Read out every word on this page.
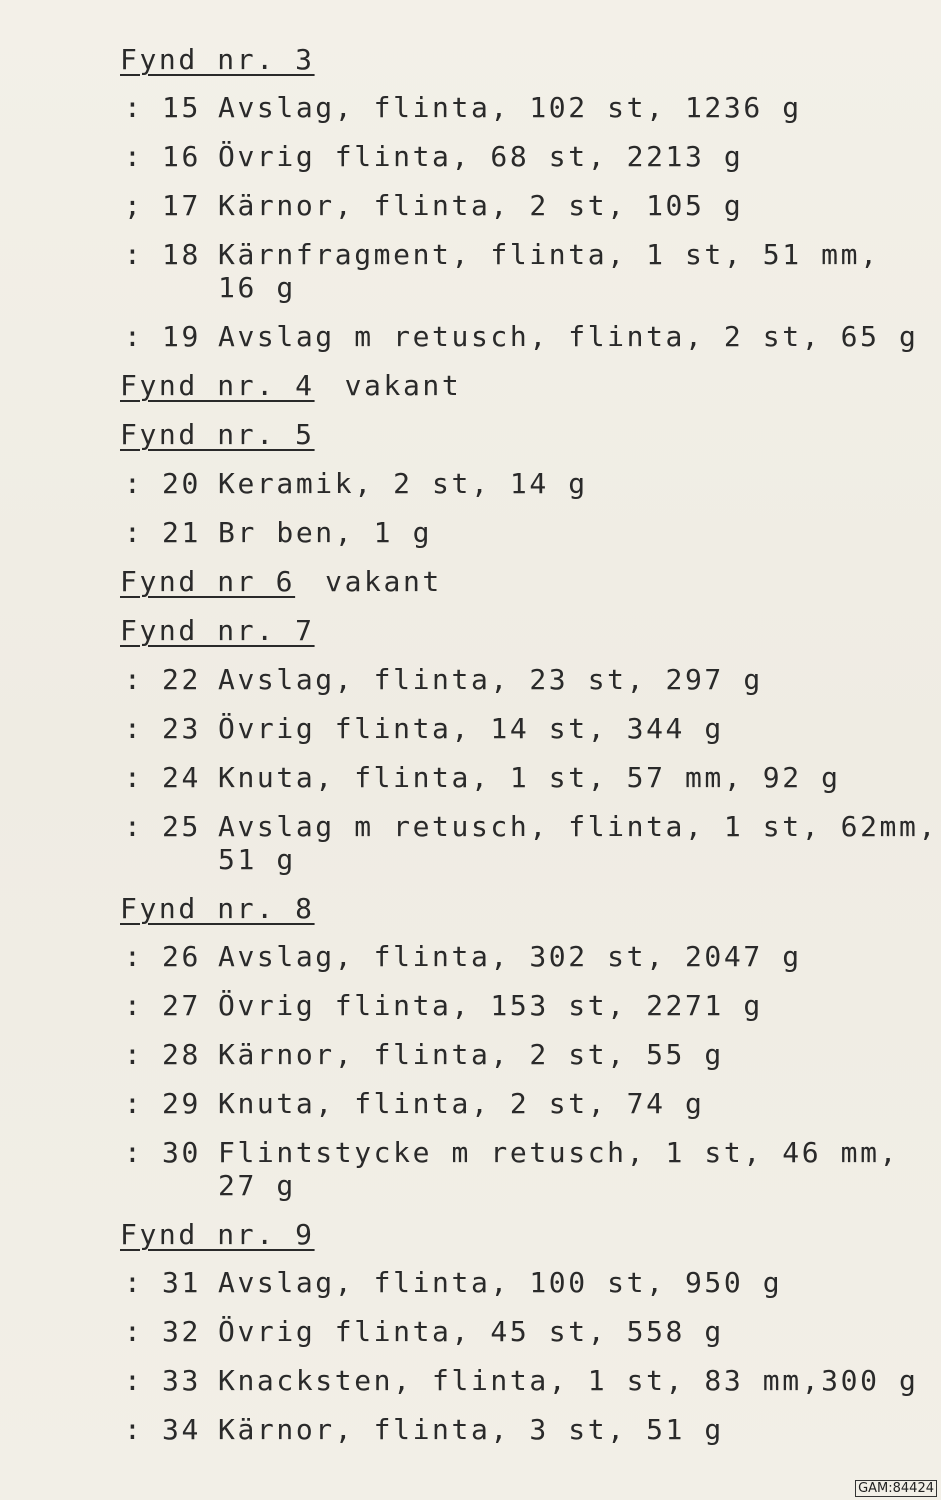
Fynd nr. 3
: 15 Avslag, flinta, 102 st, 1236 g
: 16 Övrig flinta, 68 st, 2213 g
; 17 Kärnor, flinta, 2 st, 105 g
: 18 Kärnfragment, flinta, 1 st, 51 mm,
16 g
: 19 Avslag m retusch, flinta, 2 st, 65 g
Fynd nr. 4 vakant
Fynd nr. 5
: 20 Keramik, 2 st, 14 g
: 21 Br ben, 1 g
Fynd nr 6 vakant
Fynd nr. 7
: 22 Avslag, flinta, 23 st, 297 g
: 23 Övrig flinta, 14 st, 344 g
: 24 Knuta, flinta, 1 st, 57 mm, 92 g
: 25 Avslag m retusch, flinta, 1 st, 62mm,
51 g
Fynd nr. 8
: 26 Avslag, flinta, 302 st, 2047 g
: 27 Övrig flinta, 153 st, 2271 g
: 28 Kärnor, flinta, 2 st, 55 g
: 29 Knuta, flinta, 2 st, 74 g
: 30 Flintstycke m retusch, 1 st, 46 mm,
27 g
Fynd nr. 9
: 31 Avslag, flinta, 100 st, 950 g
: 32 Övrig flinta, 45 st, 558 g
: 33 Knacksten, flinta, 1 st, 83 mm,300 g
: 34 Kärnor, flinta, 3 st, 51 g
GAM:84424
